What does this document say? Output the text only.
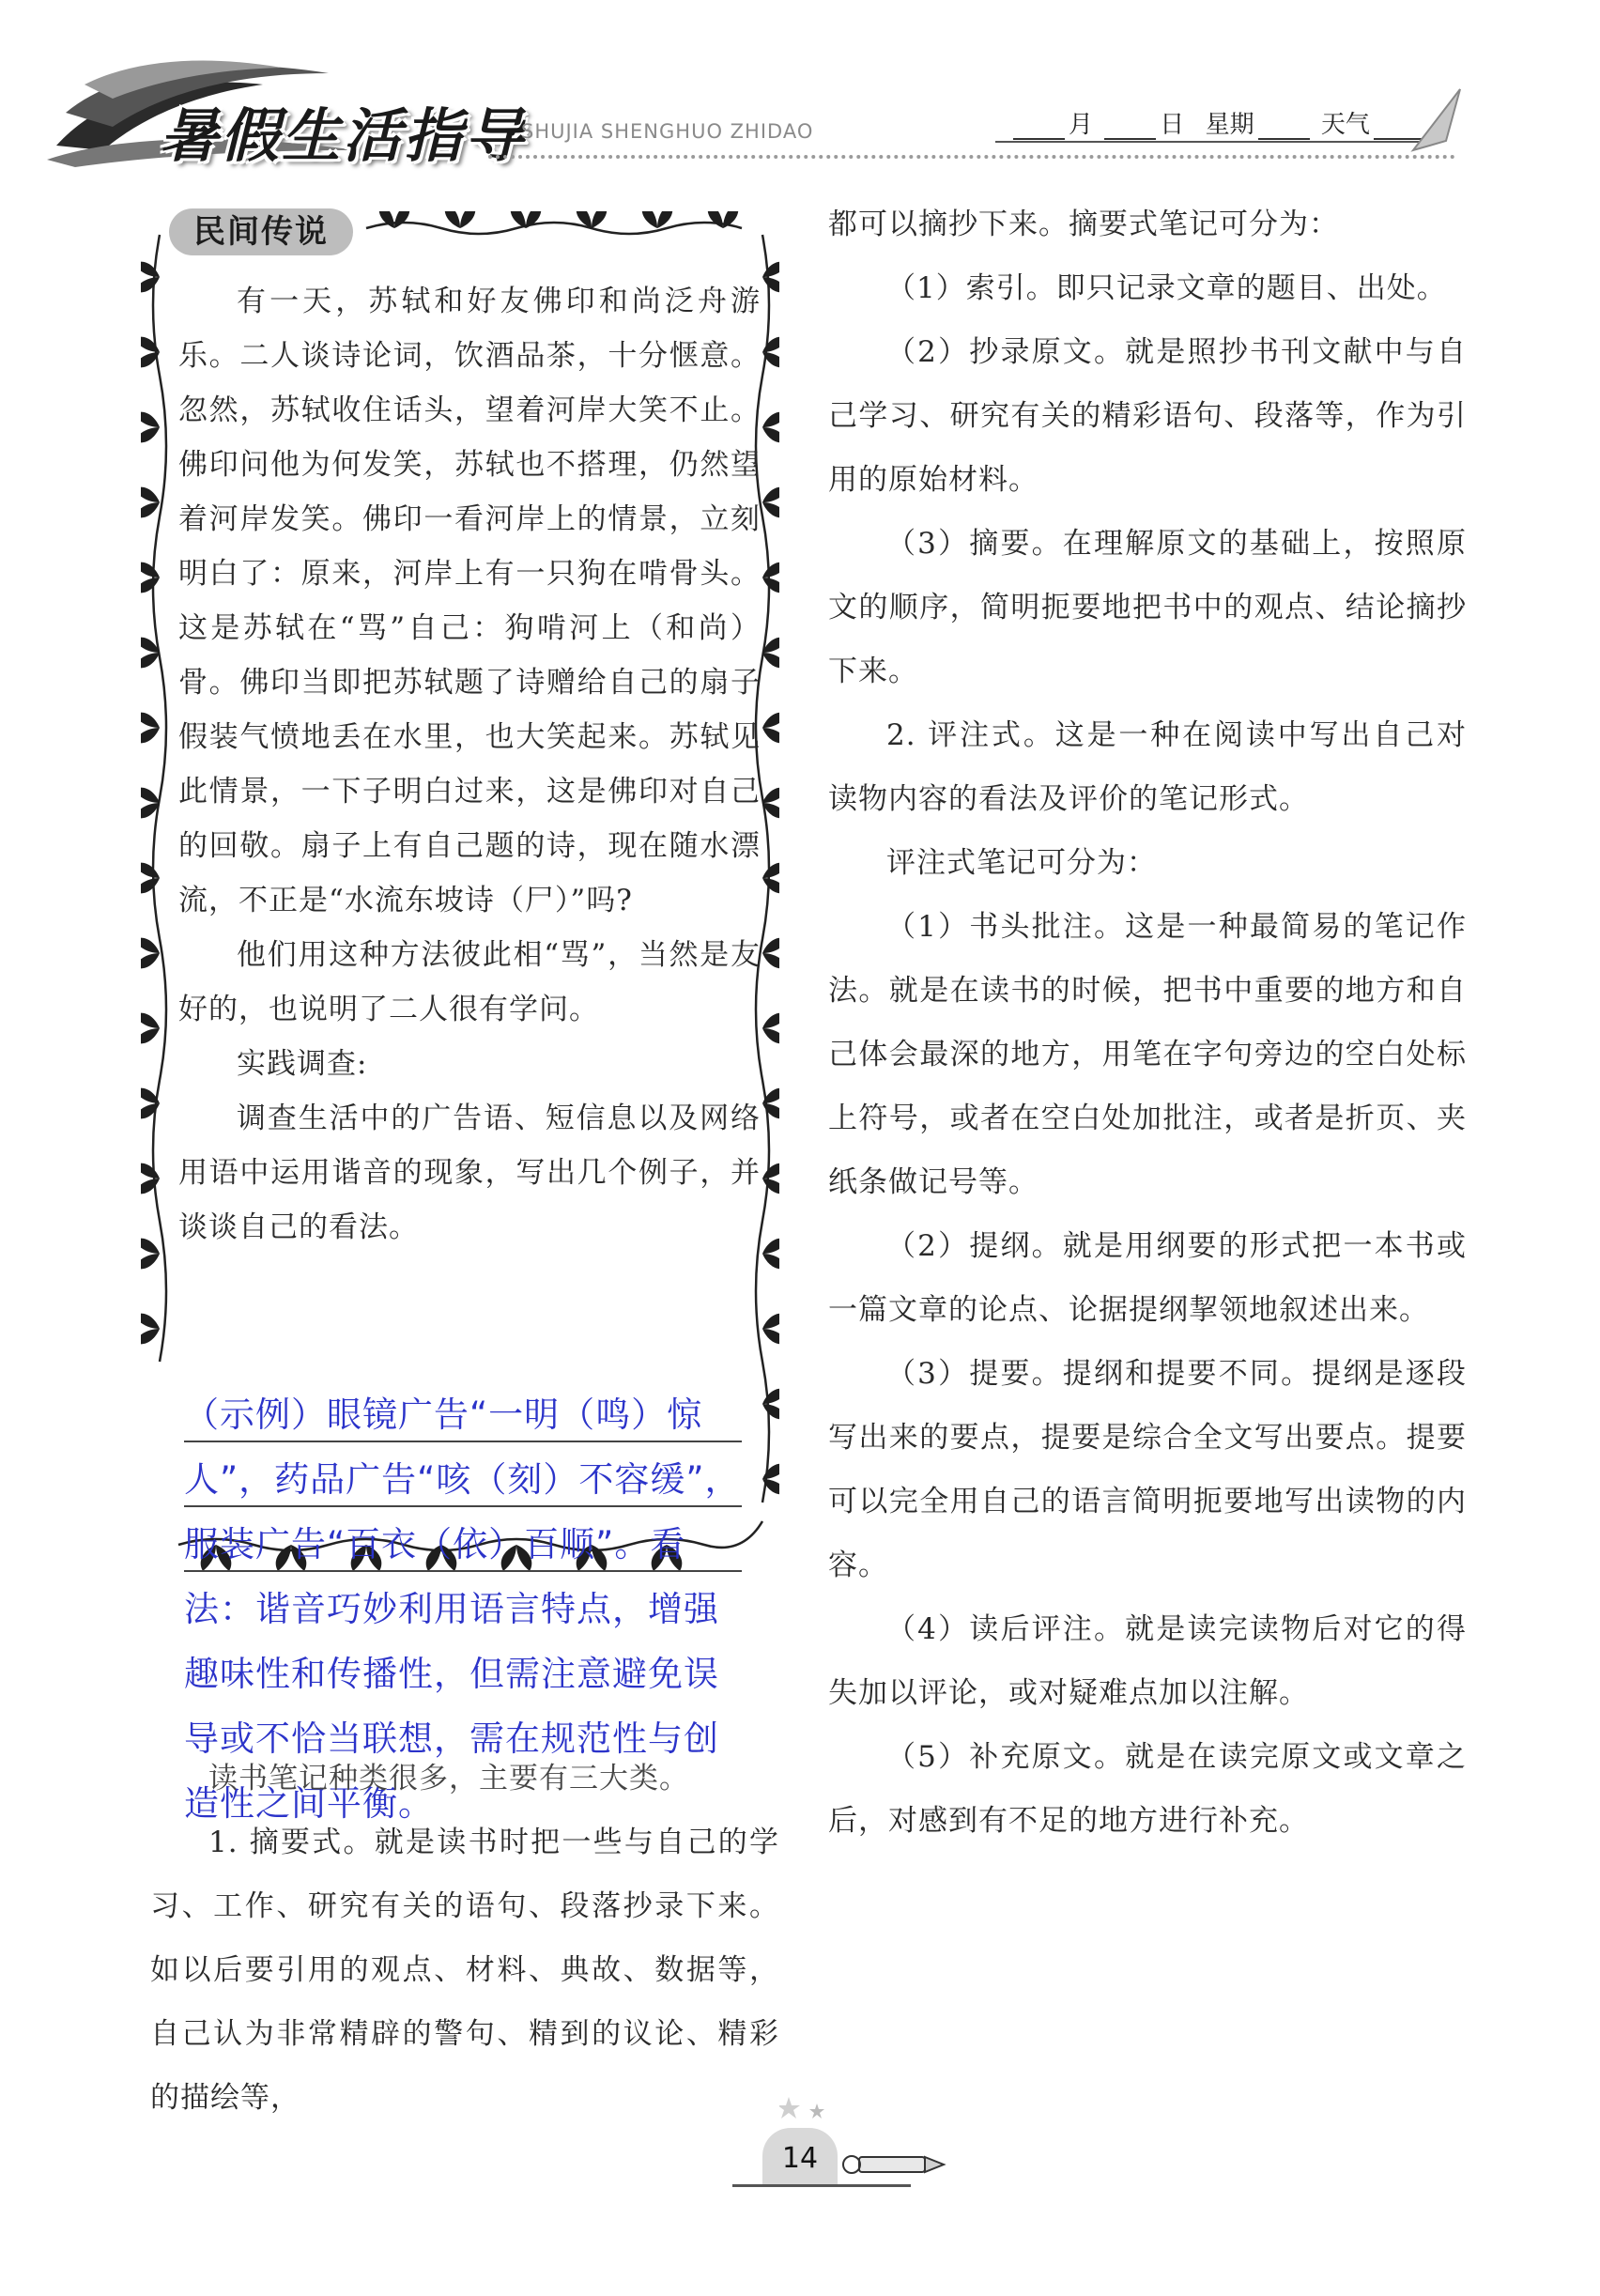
暑假生活指导
SHUJIA SHENGHUO ZHIDAO	月	日 星期	天气
民间传说

有一天，苏轼和好友佛印和尚泛舟游乐。二人谈诗论词，饮酒品茶，十分惬意。忽然，苏轼收住话头，望着河岸大笑不止。佛印问他为何发笑，苏轼也不搭理，仍然望着河岸发笑。佛印一看河岸上的情景，立刻明白了：原来，河岸上有一只狗在啃骨头。这是苏轼在“骂”自己：狗啃河上（和尚）骨。佛印当即把苏轼题了诗赠给自己的扇子假装气愤地丢在水里，也大笑起来。苏轼见此情景，一下子明白过来，这是佛印对自己的回敬。扇子上有自己题的诗，现在随水漂流，不正是“水流东坡诗（尸）”吗?

他们用这种方法彼此相“骂”，当然是友好的，也说明了二人很有学问。

实践调查:

调查生活中的广告语、短信息以及网络用语中运用谐音的现象，写出几个例子，并谈谈自己的看法。

（示例）眼镜广告“一明（鸣）惊人”，药品广告“咳（刻）不容缓”，服装广告“百衣（依）百顺”。看法：谐音巧妙利用语言特点，增强趣味性和传播性，但需注意避免误导或不恰当联想，需在规范性与创造性之间平衡。

读书笔记种类很多，主要有三大类。

1. 摘要式。就是读书时把一些与自己的学习、工作、研究有关的语句、段落抄录下来。如以后要引用的观点、材料、典故、数据等，自己认为非常精辟的警句、精到的议论、精彩的描绘等，

都可以摘抄下来。摘要式笔记可分为：

（1）索引。即只记录文章的题目、出处。

（2）抄录原文。就是照抄书刊文献中与自己学习、研究有关的精彩语句、段落等，作为引用的原始材料。

（3）摘要。在理解原文的基础上，按照原文的顺序，简明扼要地把书中的观点、结论摘抄下来。

2. 评注式。这是一种在阅读中写出自己对读物内容的看法及评价的笔记形式。

评注式笔记可分为：

（1）书头批注。这是一种最简易的笔记作法。就是在读书的时候，把书中重要的地方和自己体会最深的地方，用笔在字句旁边的空白处标上符号，或者在空白处加批注，或者是折页、夹纸条做记号等。

（2）提纲。就是用纲要的形式把一本书或一篇文章的论点、论据提纲挈领地叙述出来。

（3）提要。提纲和提要不同。提纲是逐段写出来的要点，提要是综合全文写出要点。提要可以完全用自己的语言简明扼要地写出读物的内容。

（4）读后评注。就是读完读物后对它的得失加以评论，或对疑难点加以注解。

（5）补充原文。就是在读完原文或文章之后，对感到有不足的地方进行补充。

14
